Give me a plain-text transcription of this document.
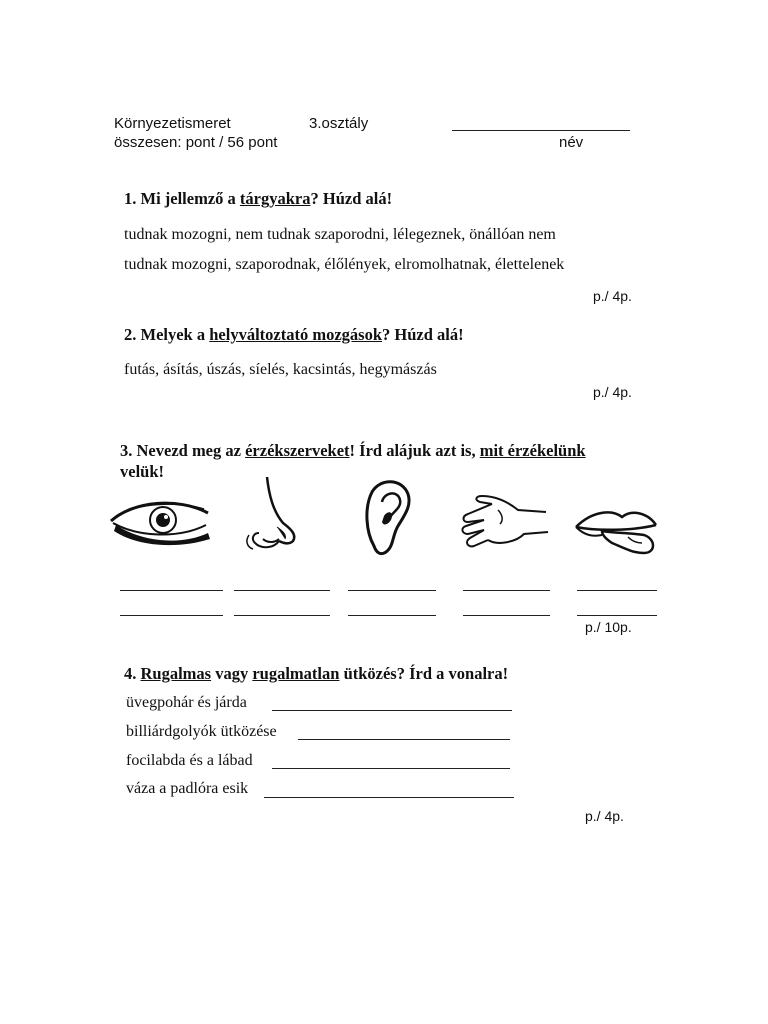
Környezetismeret	3.osztály
összesen: pont / 56 pont	név
1. Mi jellemző a tárgyakra? Húzd alá!
tudnak mozogni, nem tudnak szaporodni, lélegeznek, önállóan nem
tudnak mozogni, szaporodnak, élőlények, elromolhatnak, élettelenek
p./ 4p.
2. Melyek a helyváltoztató mozgások? Húzd alá!
futás, ásítás, úszás, síelés, kacsintás, hegymászás
p./ 4p.
3. Nevezd meg az érzékszerveket! Írd alájuk azt is, mit érzékelünk
velük!
p./ 10p.
4. Rugalmas vagy rugalmatlan ütközés? Írd a vonalra!
üvegpohár és járda
billiárdgolyók ütközése
focilabda és a lábad
váza a padlóra esik
p./ 4p.
